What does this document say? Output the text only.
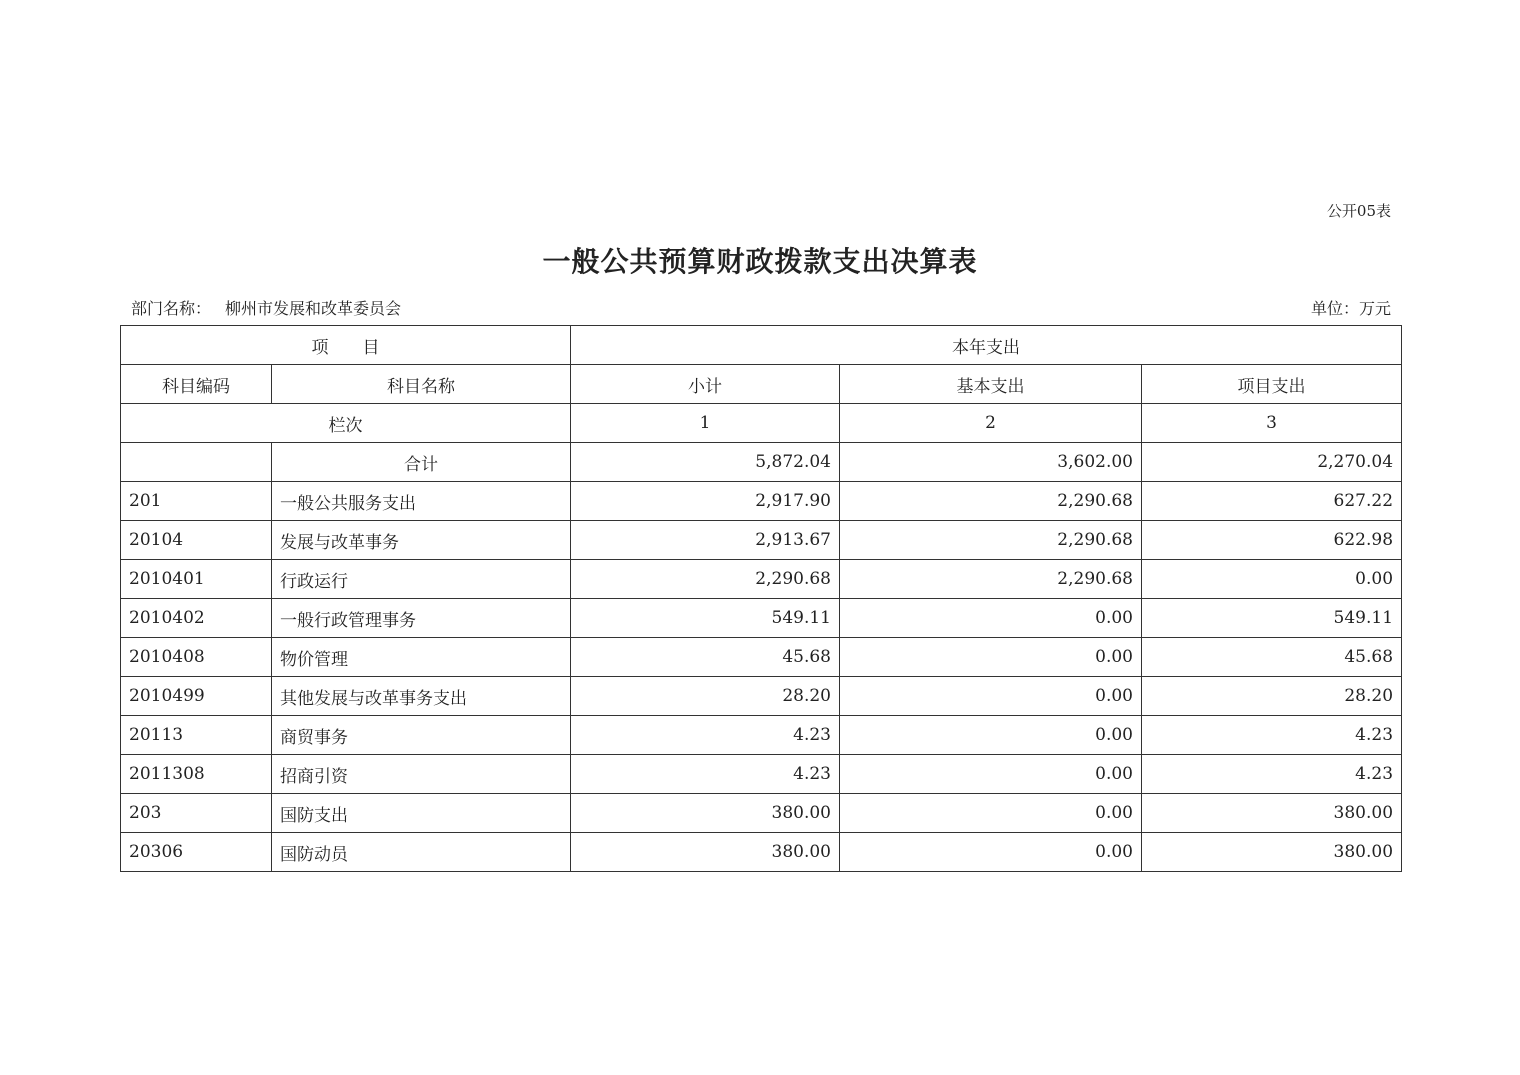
公开05表
一般公共预算财政拨款支出决算表
部门名称： 柳州市发展和改革委员会	单位：万元
项　　目		本年支出		
科目编码	科目名称	小计	基本支出	项目支出
栏次		1	2	3
	合计	5,872.04	3,602.00	2,270.04
201	一般公共服务支出	2,917.90	2,290.68	627.22
20104	发展与改革事务	2,913.67	2,290.68	622.98
2010401	行政运行	2,290.68	2,290.68	0.00
2010402	一般行政管理事务	549.11	0.00	549.11
2010408	物价管理	45.68	0.00	45.68
2010499	其他发展与改革事务支出	28.20	0.00	28.20
20113	商贸事务	4.23	0.00	4.23
2011308	招商引资	4.23	0.00	4.23
203	国防支出	380.00	0.00	380.00
20306	国防动员	380.00	0.00	380.00
